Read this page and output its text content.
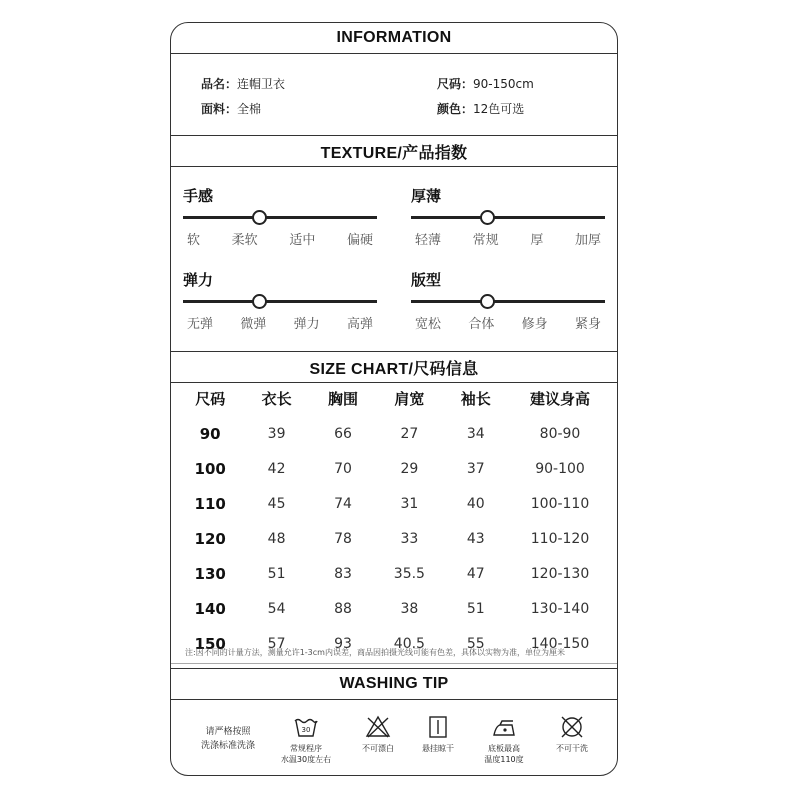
INFORMATION
品名：连帽卫衣	尺码：90-150cm
面料：全棉	颜色：12色可选
TEXTURE/产品指数
手感
软 柔软 适中 偏硬
厚薄
轻薄 常规 厚 加厚
弹力
无弹 微弹 弹力 高弹
版型
宽松 合体 修身 紧身
SIZE CHART/尺码信息
尺码	衣长	胸围	肩宽	袖长	建议身高
90	39	66	27	34	80-90
100	42	70	29	37	90-100
110	45	74	31	40	100-110
120	48	78	33	43	110-120
130	51	83	35.5	47	120-130
140	54	88	38	51	130-140
150	57	93	40.5	55	140-150
注:因不同的计量方法，测量允许1-3cm内误差，商品因拍摄光线可能有色差，具体以实物为准，单位为厘米
WASHING TIP
请严格按照
洗涤标准洗涤
30
常规程序
水温30度左右
不可漂白	悬挂晾干	底板最高
温度110度
不可干洗
